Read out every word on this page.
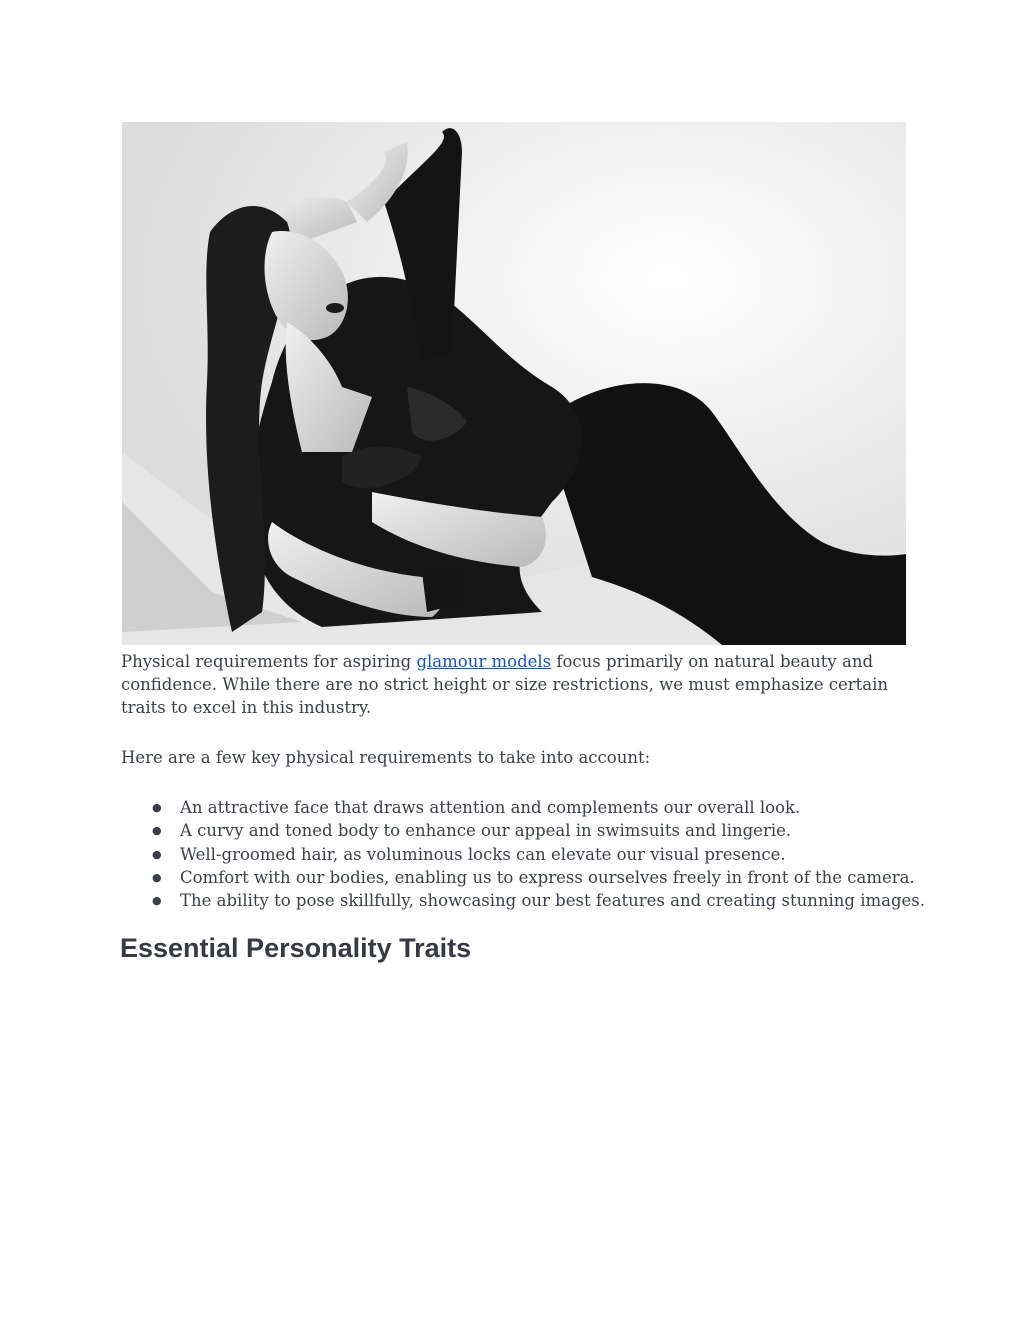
Physical requirements for aspiring glamour models focus primarily on natural beauty and confidence. While there are no strict height or size restrictions, we must emphasize certain traits to excel in this industry.

Here are a few key physical requirements to take into account:

● An attractive face that draws attention and complements our overall look.
● A curvy and toned body to enhance our appeal in swimsuits and lingerie.
● Well-groomed hair, as voluminous locks can elevate our visual presence.
● Comfort with our bodies, enabling us to express ourselves freely in front of the camera.
● The ability to pose skillfully, showcasing our best features and creating stunning images.
Essential Personality Traits
